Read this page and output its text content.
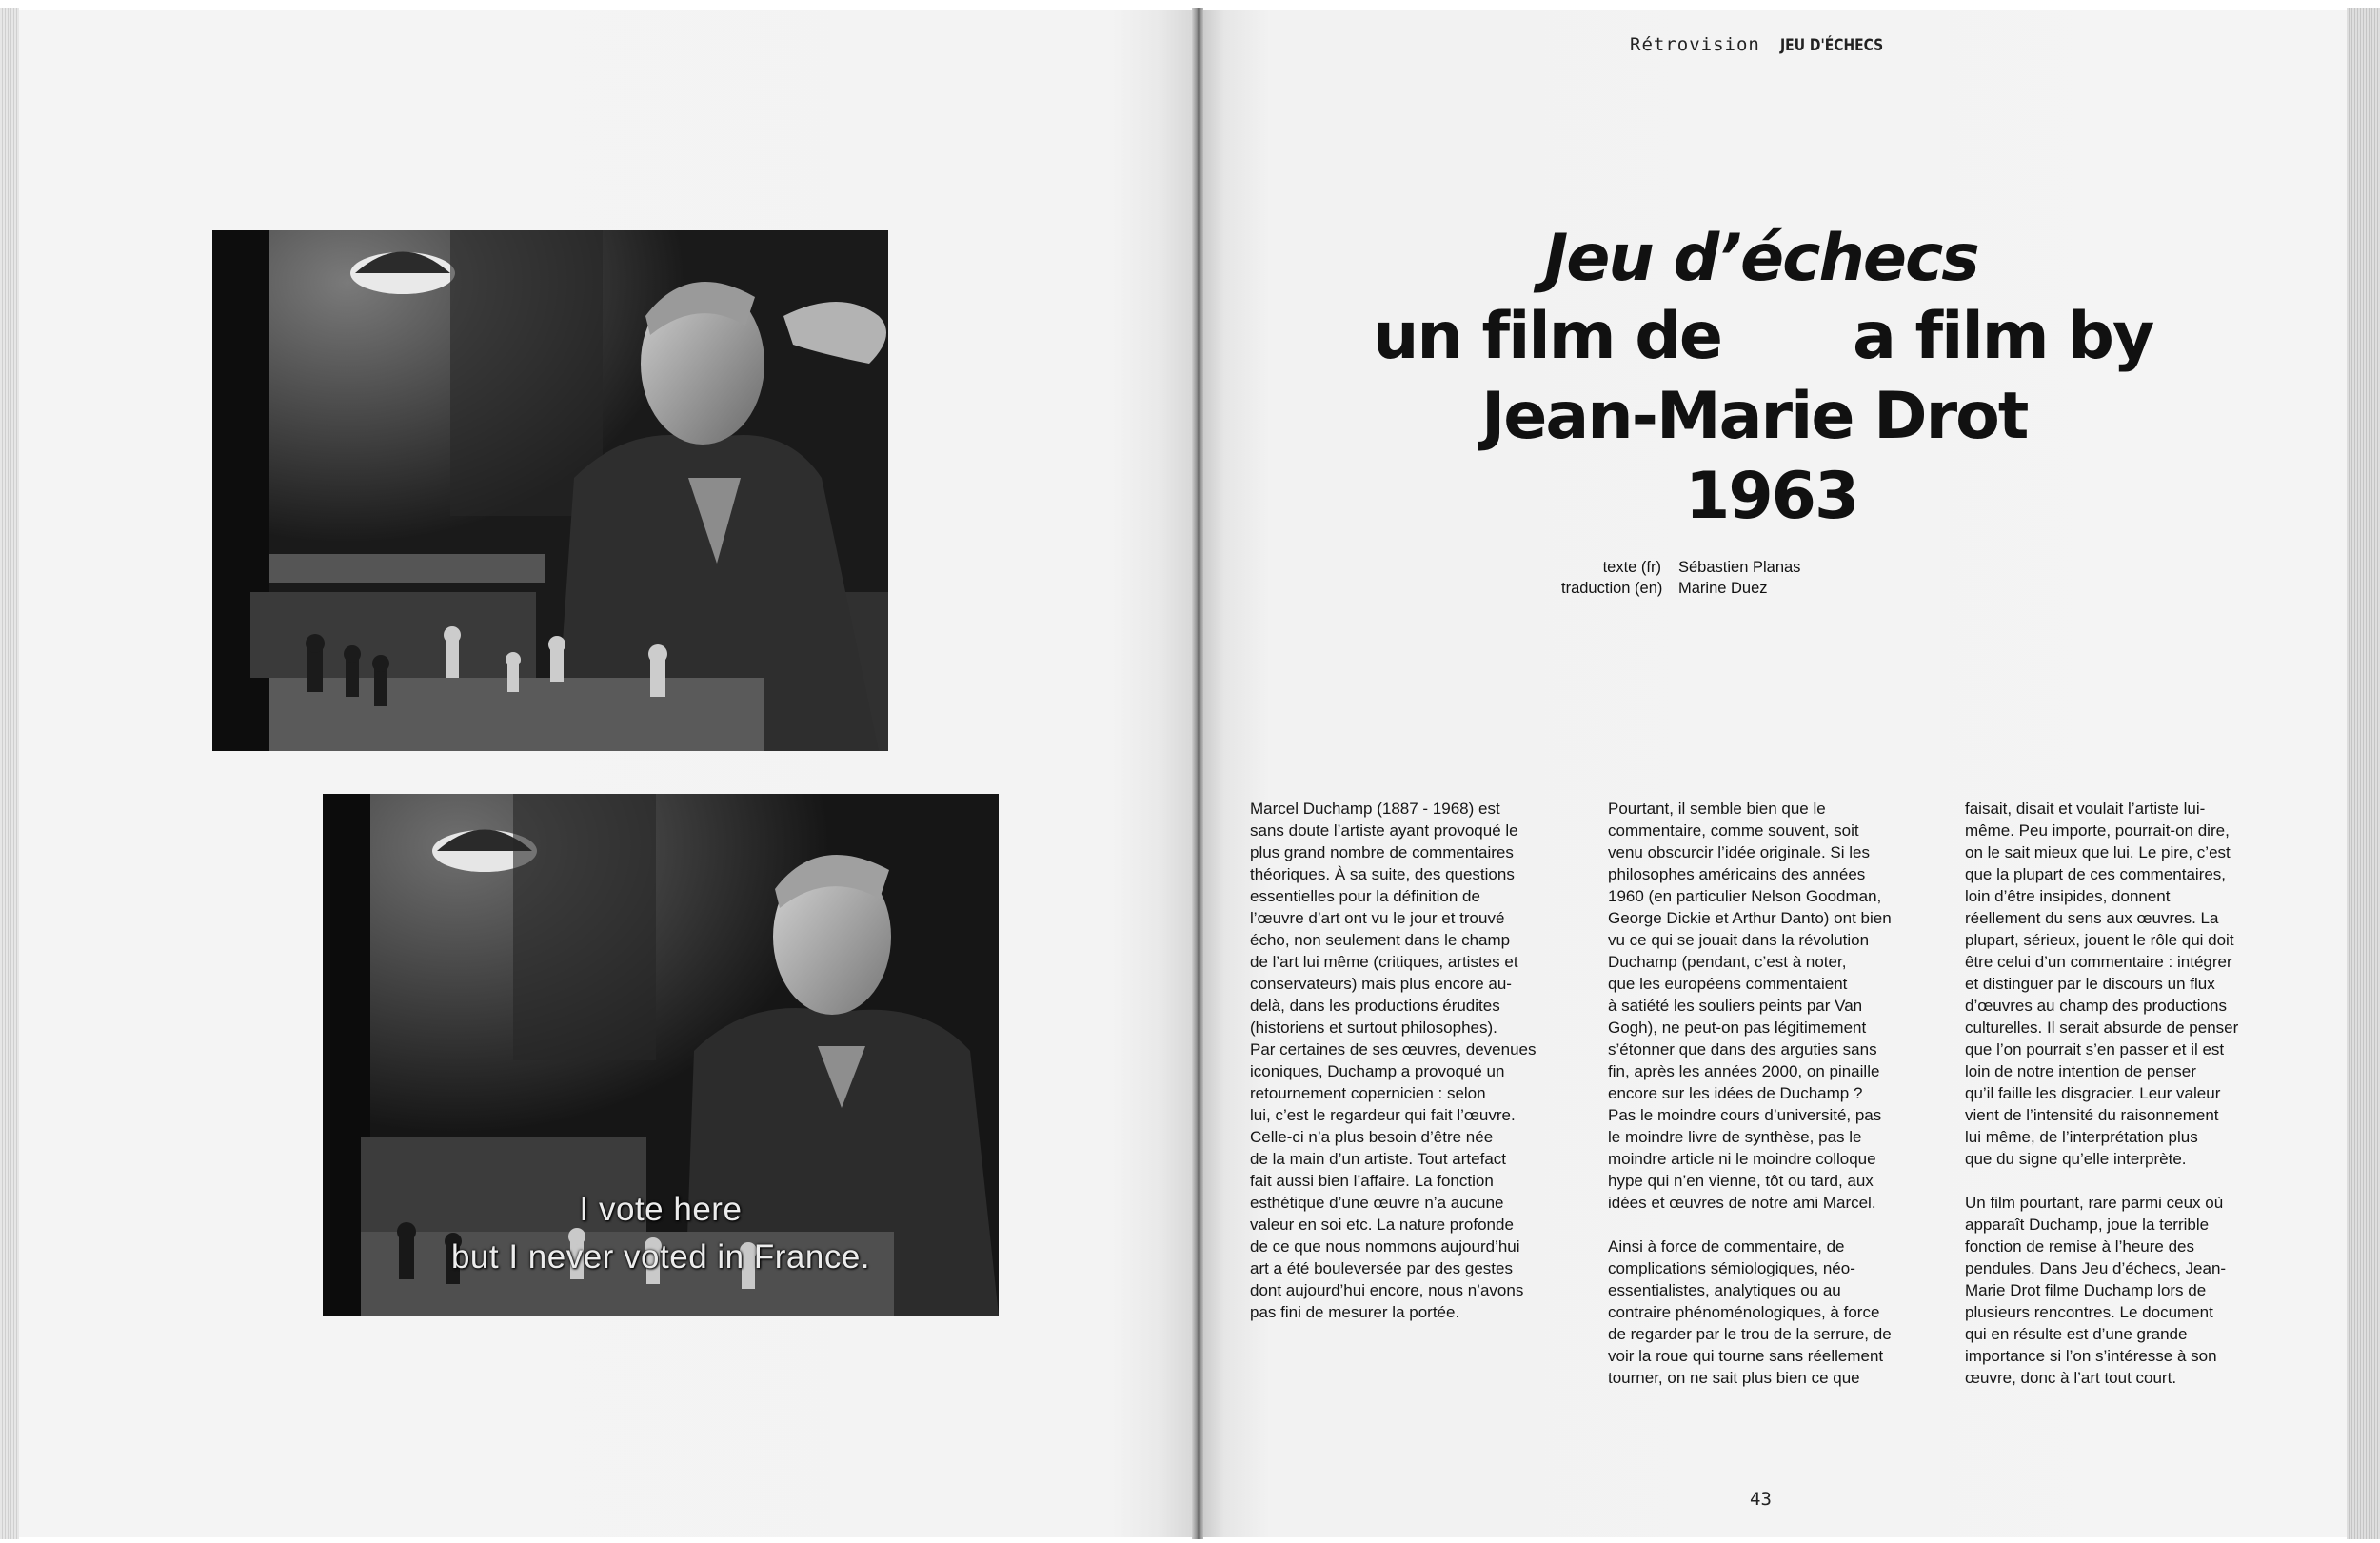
I vote here
but I never voted in France.
Rétrovision JEU D'ÉCHECS
Jeu d’échecs
un film de a film by
Jean-Marie Drot
1963
texte (fr) Sébastien Planas
traduction (en) Marine Duez

Marcel Duchamp (1887 - 1968) est
sans doute l’artiste ayant provoqué le
plus grand nombre de commentaires
théoriques. À sa suite, des questions
essentielles pour la définition de
l’œuvre d’art ont vu le jour et trouvé
écho, non seulement dans le champ
de l’art lui même (critiques, artistes et
conservateurs) mais plus encore au-
delà, dans les productions érudites
(historiens et surtout philosophes).
Par certaines de ses œuvres, devenues
iconiques, Duchamp a provoqué un
retournement copernicien : selon
lui, c’est le regardeur qui fait l’œuvre.
Celle-ci n’a plus besoin d’être née
de la main d’un artiste. Tout artefact
fait aussi bien l’affaire. La fonction
esthétique d’une œuvre n’a aucune
valeur en soi etc. La nature profonde
de ce que nous nommons aujourd’hui
art a été bouleversée par des gestes
dont aujourd’hui encore, nous n’avons
pas fini de mesurer la portée.

Pourtant, il semble bien que le
commentaire, comme souvent, soit
venu obscurcir l’idée originale. Si les
philosophes américains des années
1960 (en particulier Nelson Goodman,
George Dickie et Arthur Danto) ont bien
vu ce qui se jouait dans la révolution
Duchamp (pendant, c’est à noter,
que les européens commentaient
à satiété les souliers peints par Van
Gogh), ne peut-on pas légitimement
s’étonner que dans des arguties sans
fin, après les années 2000, on pinaille
encore sur les idées de Duchamp ?
Pas le moindre cours d’université, pas
le moindre livre de synthèse, pas le
moindre article ni le moindre colloque
hype qui n’en vienne, tôt ou tard, aux
idées et œuvres de notre ami Marcel.

Ainsi à force de commentaire, de
complications sémiologiques, néo-
essentialistes, analytiques ou au
contraire phénoménologiques, à force
de regarder par le trou de la serrure, de
voir la roue qui tourne sans réellement
tourner, on ne sait plus bien ce que

faisait, disait et voulait l’artiste lui-
même. Peu importe, pourrait-on dire,
on le sait mieux que lui. Le pire, c’est
que la plupart de ces commentaires,
loin d’être insipides, donnent
réellement du sens aux œuvres. La
plupart, sérieux, jouent le rôle qui doit
être celui d’un commentaire : intégrer
et distinguer par le discours un flux
d’œuvres au champ des productions
culturelles. Il serait absurde de penser
que l’on pourrait s’en passer et il est
loin de notre intention de penser
qu’il faille les disgracier. Leur valeur
vient de l’intensité du raisonnement
lui même, de l’interprétation plus
que du signe qu’elle interprète.

Un film pourtant, rare parmi ceux où
apparaît Duchamp, joue la terrible
fonction de remise à l’heure des
pendules. Dans Jeu d’échecs, Jean-
Marie Drot filme Duchamp lors de
plusieurs rencontres. Le document
qui en résulte est d’une grande
importance si l’on s’intéresse à son
œuvre, donc à l’art tout court.

43
